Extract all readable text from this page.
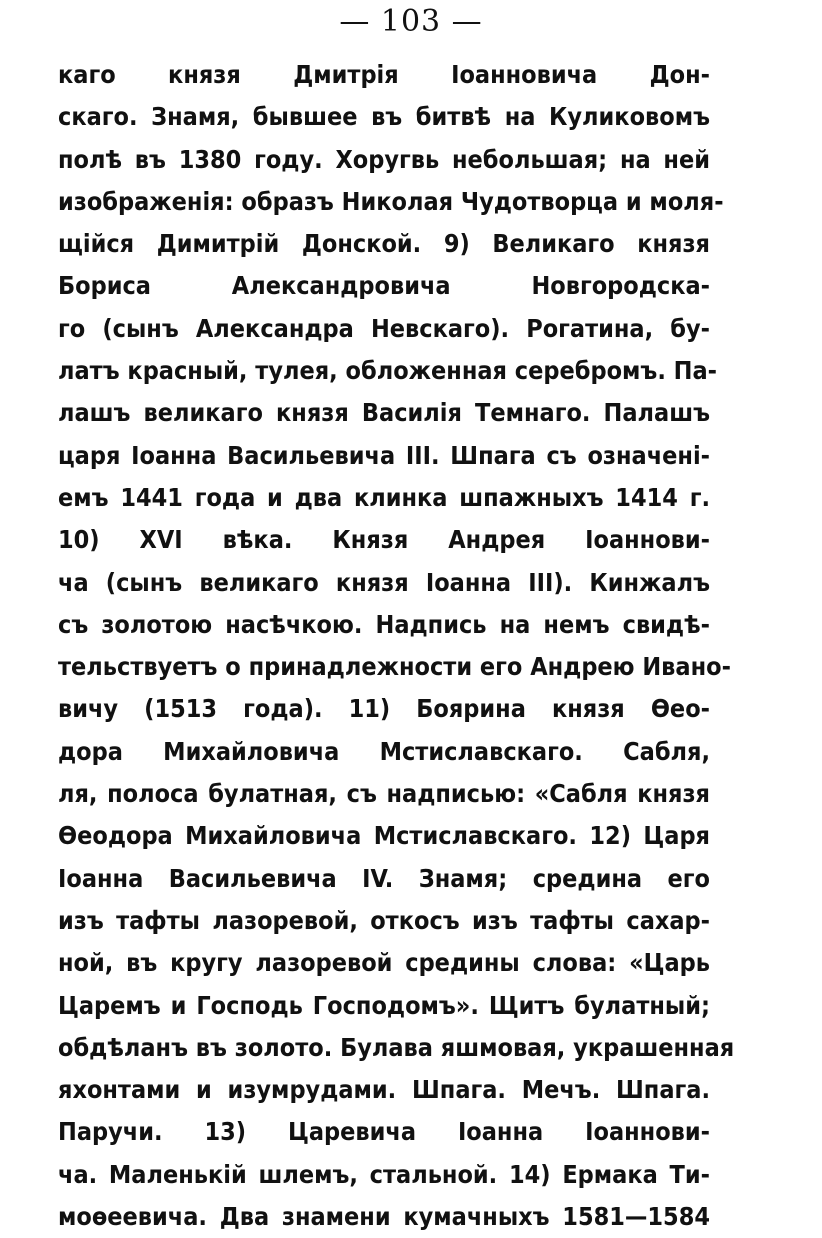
— 103 —
каго князя Дмитрія Іоанновича Дон-
скаго. Знамя, бывшее въ битвѣ на Куликовомъ
полѣ въ 1380 году. Хоругвь небольшая; на ней
изображенія: образъ Николая Чудотворца и моля-
щійся Димитрій Донской. 9) Великаго князя
Бориса Александровича Новгородска-
го (сынъ Александра Невскаго). Рогатина, бу-
латъ красный, тулея, обложенная серебромъ. Па-
лашъ великаго князя Василія Темнаго. Палашъ
царя Іоанна Васильевича III. Шпага съ означені-
емъ 1441 года и два клинка шпажныхъ 1414 г.
10) XVI вѣка. Князя Андрея Іоаннови-
ча (сынъ великаго князя Іоанна III). Кинжалъ
съ золотою насѣчкою. Надпись на немъ свидѣ-
тельствуетъ о принадлежности его Андрею Ивано-
вичу (1513 года). 11) Боярина князя Ѳео-
дора Михайловича Мстиславскаго. Сабля,
ля, полоса булатная, съ надписью: «Сабля князя
Ѳеодора Михайловича Мстиславскаго. 12) Царя
Іоанна Васильевича IV. Знамя; средина его
изъ тафты лазоревой, откосъ изъ тафты сахар-
ной, въ кругу лазоревой средины слова: «Царь
Царемъ и Господь Господомъ». Щитъ булатный;
обдѣланъ въ золото. Булава яшмовая, украшенная
яхонтами и изумрудами. Шпага. Мечъ. Шпага.
Паручи. 13) Царевича Іоанна Іоаннови-
ча. Маленькій шлемъ, стальной. 14) Ермака Ти-
моѳеевича. Два знамени кумачныхъ 1581—1584
